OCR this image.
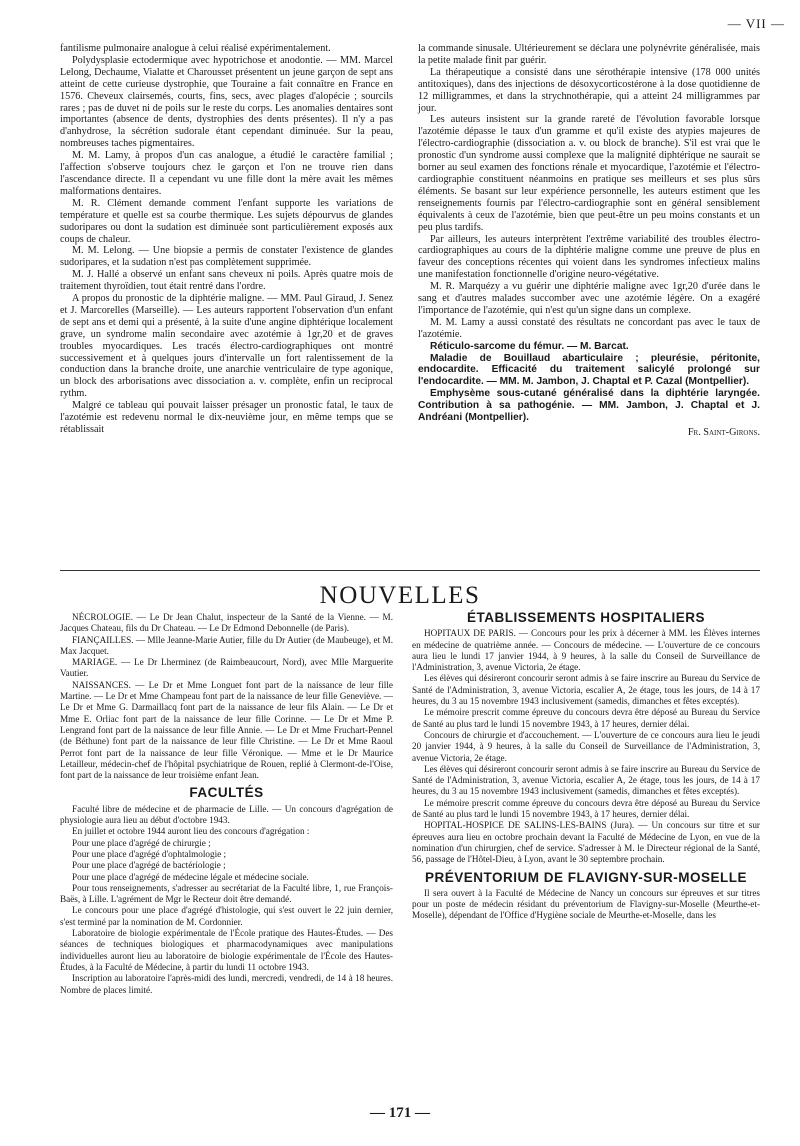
— VII —

fantilisme pulmonaire analogue à celui réalisé expérimentalement.

Polydysplasie ectodermique avec hypotrichose et anodontie. — MM. Marcel Lelong, Dechaume, Vialatte et Charousset présentent un jeune garçon de sept ans atteint de cette curieuse dystrophie, que Touraine a fait connaître en France en 1576. Cheveux clairsemés, courts, fins, secs, avec plages d'alopécie ; sourcils rares ; pas de duvet ni de poils sur le reste du corps. Les anomalies dentaires sont importantes (absence de dents, dystrophies des dents présentes). Il n'y a pas d'anhydrose, la sécrétion sudorale étant cependant diminuée. Sur la peau, nombreuses taches pigmentaires.

M. M. Lamy, à propos d'un cas analogue, a étudié le caractère familial ; l'affection s'observe toujours chez le garçon et l'on ne trouve rien dans l'ascendance directe. Il a cependant vu une fille dont la mère avait les mêmes malformations dentaires.

M. R. Clément demande comment l'enfant supporte les variations de température et quelle est sa courbe thermique. Les sujets dépourvus de glandes sudoripares ou dont la sudation est diminuée sont particulièrement exposés aux coups de chaleur.

M. M. Lelong. — Une biopsie a permis de constater l'existence de glandes sudoripares, et la sudation n'est pas complètement supprimée.

M. J. Hallé a observé un enfant sans cheveux ni poils. Après quatre mois de traitement thyroïdien, tout était rentré dans l'ordre.

A propos du pronostic de la diphtérie maligne. — MM. Paul Giraud, J. Senez et J. Marcorelles (Marseille). — Les auteurs rapportent l'observation d'un enfant de sept ans et demi qui a présenté, à la suite d'une angine diphtérique localement grave, un syndrome malin secondaire avec azotémie à 1gr,20 et de graves troubles myocardiques. Les tracés électro-cardiographiques ont montré successivement et à quelques jours d'intervalle un fort ralentissement de la conduction dans la branche droite, une anarchie ventriculaire de type agonique, un block des arborisations avec dissociation a. v. complète, enfin un reciprocal rythm.

Malgré ce tableau qui pouvait laisser présager un pronostic fatal, le taux de l'azotémie est redevenu normal le dix-neuvième jour, en même temps que se rétablissait

la commande sinusale. Ultérieurement se déclara une polynévrite généralisée, mais la petite malade finit par guérir.

La thérapeutique a consisté dans une sérothérapie intensive (178 000 unités antitoxiques), dans des injections de désoxycorticostérone à la dose quotidienne de 12 milligrammes, et dans la strychnothérapie, qui a atteint 24 milligrammes par jour.

Les auteurs insistent sur la grande rareté de l'évolution favorable lorsque l'azotémie dépasse le taux d'un gramme et qu'il existe des atypies majeures de l'électro-cardiographie (dissociation a. v. ou block de branche). S'il est vrai que le pronostic d'un syndrome aussi complexe que la malignité diphtérique ne saurait se borner au seul examen des fonctions rénale et myocardique, l'azotémie et l'électro-cardiographie constituent néanmoins en pratique ses meilleurs et ses plus sûrs éléments. Se basant sur leur expérience personnelle, les auteurs estiment que les renseignements fournis par l'électro-cardiographie sont en général sensiblement équivalents à ceux de l'azotémie, bien que peut-être un peu moins constants et un peu plus tardifs.

Par ailleurs, les auteurs interprètent l'extrême variabilité des troubles électro-cardiographiques au cours de la diphtérie maligne comme une preuve de plus en faveur des conceptions récentes qui voient dans les syndromes infectieux malins une manifestation fonctionnelle d'origine neuro-végétative.

M. R. Marquézy a vu guérir une diphtérie maligne avec 1gr,20 d'urée dans le sang et d'autres malades succomber avec une azotémie légère. On a exagéré l'importance de l'azotémie, qui n'est qu'un signe dans un complexe.

M. M. Lamy a aussi constaté des résultats ne concordant pas avec le taux de l'azotémie.

Réticulo-sarcome du fémur. — M. Barcat.

Maladie de Bouillaud abarticulaire ; pleurésie, péritonite, endocardite. Efficacité du traitement salicylé prolongé sur l'endocardite. — MM. M. Jambon, J. Chaptal et P. Cazal (Montpellier).

Emphysème sous-cutané généralisé dans la diphtérie laryngée. Contribution à sa pathogénie. — MM. Jambon, J. Chaptal et J. Andréani (Montpellier).

Fr. Saint-Girons.
NOUVELLES

NÉCROLOGIE. — Le Dr Jean Chalut, inspecteur de la Santé de la Vienne. — M. Jacques Chateau, fils du Dr Chateau. — Le Dr Edmond Debonnelle (de Paris).

FIANÇAILLES. — Mlle Jeanne-Marie Autier, fille du Dr Autier (de Maubeuge), et M. Max Jacquet.

MARIAGE. — Le Dr Lherminez (de Raimbeaucourt, Nord), avec Mlle Marguerite Vautier.

NAISSANCES. — Le Dr et Mme Longuet font part de la naissance de leur fille Martine. — Le Dr et Mme Champeau font part de la naissance de leur fille Geneviève. — Le Dr et Mme G. Darmaillacq font part de la naissance de leur fils Alain. — Le Dr et Mme E. Orliac font part de la naissance de leur fille Corinne. — Le Dr et Mme P. Lengrand font part de la naissance de leur fille Annie. — Le Dr et Mme Fruchart-Pennel (de Béthune) font part de la naissance de leur fille Christine. — Le Dr et Mme Raoul Perrot font part de la naissance de leur fille Véronique. — Mme et le Dr Maurice Letailleur, médecin-chef de l'hôpital psychiatrique de Rouen, replié à Clermont-de-l'Oise, font part de la naissance de leur troisième enfant Jean.

FACULTÉS

Faculté libre de médecine et de pharmacie de Lille. — Un concours d'agrégation de physiologie aura lieu au début d'octobre 1943.

En juillet et octobre 1944 auront lieu des concours d'agrégation :

Pour une place d'agrégé de chirurgie ;

Pour une place d'agrégé d'ophtalmologie ;

Pour une place d'agrégé de bactériologie ;

Pour une place d'agrégé de médecine légale et médecine sociale.

Pour tous renseignements, s'adresser au secrétariat de la Faculté libre, 1, rue François-Baës, à Lille. L'agrément de Mgr le Recteur doit être demandé.

Le concours pour une place d'agrégé d'histologie, qui s'est ouvert le 22 juin dernier, s'est terminé par la nomination de M. Cordonnier.

Laboratoire de biologie expérimentale de l'École pratique des Hautes-Études. — Des séances de techniques biologiques et pharmacodynamiques avec manipulations individuelles auront lieu au laboratoire de biologie expérimentale de l'École des Hautes-Études, à la Faculté de Médecine, à partir du lundi 11 octobre 1943.

Inscription au laboratoire l'après-midi des lundi, mercredi, vendredi, de 14 à 18 heures. Nombre de places limité.

ÉTABLISSEMENTS HOSPITALIERS

HOPITAUX DE PARIS. — Concours pour les prix à décerner à MM. les Élèves internes en médecine de quatrième année. — Concours de médecine. — L'ouverture de ce concours aura lieu le lundi 17 janvier 1944, à 9 heures, à la salle du Conseil de Surveillance de l'Administration, 3, avenue Victoria, 2e étage.

Les élèves qui désireront concourir seront admis à se faire inscrire au Bureau du Service de Santé de l'Administration, 3, avenue Victoria, escalier A, 2e étage, tous les jours, de 14 à 17 heures, du 3 au 15 novembre 1943 inclusivement (samedis, dimanches et fêtes exceptés).

Le mémoire prescrit comme épreuve du concours devra être déposé au Bureau du Service de Santé au plus tard le lundi 15 novembre 1943, à 17 heures, dernier délai.

Concours de chirurgie et d'accouchement. — L'ouverture de ce concours aura lieu le jeudi 20 janvier 1944, à 9 heures, à la salle du Conseil de Surveillance de l'Administration, 3, avenue Victoria, 2e étage.

Les élèves qui désireront concourir seront admis à se faire inscrire au Bureau du Service de Santé de l'Administration, 3, avenue Victoria, escalier A, 2e étage, tous les jours, de 14 à 17 heures, du 3 au 15 novembre 1943 inclusivement (samedis, dimanches et fêtes exceptés).

Le mémoire prescrit comme épreuve du concours devra être déposé au Bureau du Service de Santé au plus tard le lundi 15 novembre 1943, à 17 heures, dernier délai.

HOPITAL-HOSPICE DE SALINS-LES-BAINS (Jura). — Un concours sur titre et sur épreuves aura lieu en octobre prochain devant la Faculté de Médecine de Lyon, en vue de la nomination d'un chirurgien, chef de service. S'adresser à M. le Directeur régional de la Santé, 56, passage de l'Hôtel-Dieu, à Lyon, avant le 30 septembre prochain.

PRÉVENTORIUM DE FLAVIGNY-SUR-MOSELLE

Il sera ouvert à la Faculté de Médecine de Nancy un concours sur épreuves et sur titres pour un poste de médecin résidant du préventorium de Flavigny-sur-Moselle (Meurthe-et-Moselle), dépendant de l'Office d'Hygiène sociale de Meurthe-et-Moselle, dans les

— 171 —
